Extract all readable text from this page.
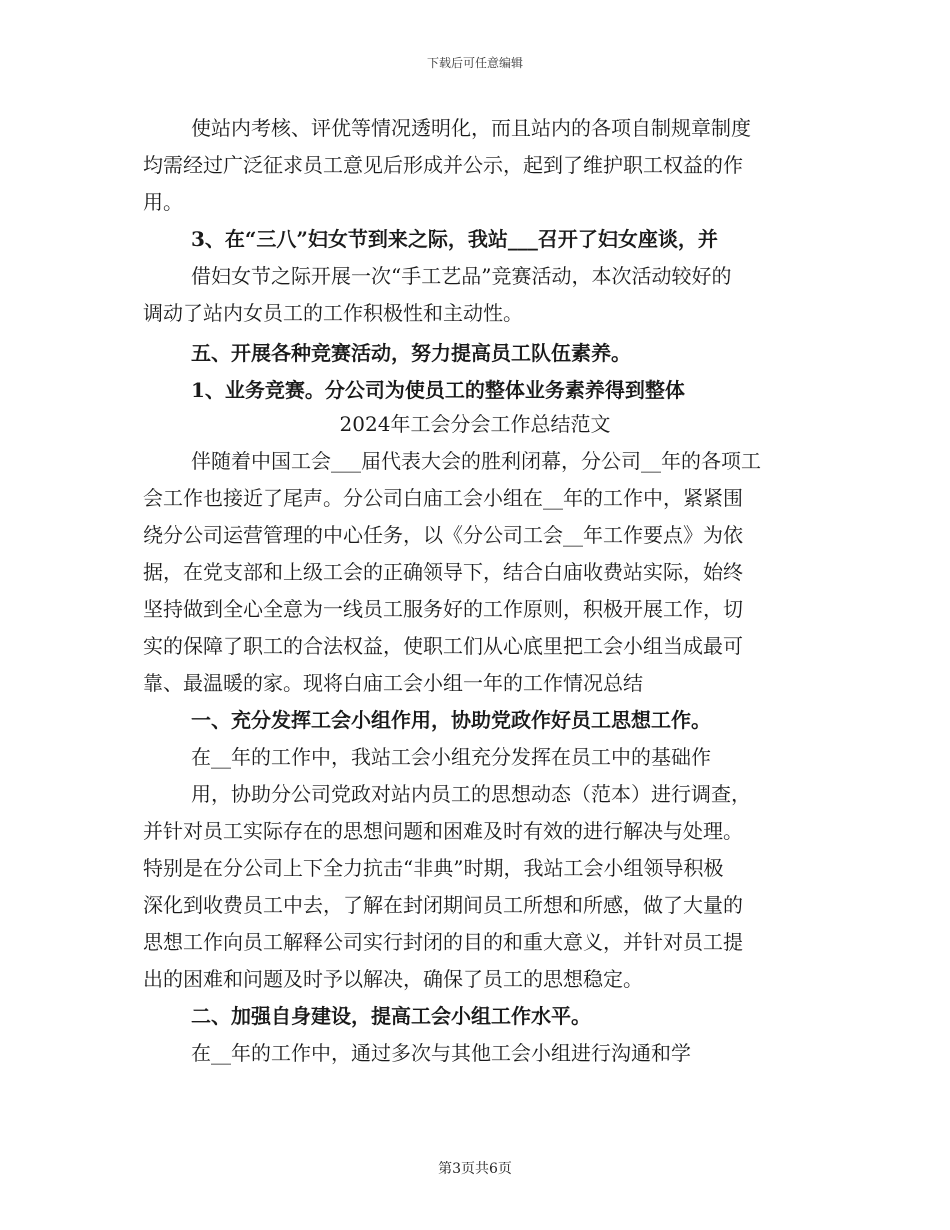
下载后可任意编辑
使站内考核、评优等情况透明化，而且站内的各项自制规章制度
均需经过广泛征求员工意见后形成并公示，起到了维护职工权益的作
用。
3、在“三八”妇女节到来之际，我站___召开了妇女座谈，并
借妇女节之际开展一次“手工艺品”竞赛活动，本次活动较好的
调动了站内女员工的工作积极性和主动性。
五、开展各种竞赛活动，努力提高员工队伍素养。
1、业务竞赛。分公司为使员工的整体业务素养得到整体
2024年工会分会工作总结范文
伴随着中国工会___届代表大会的胜利闭幕，分公司__年的各项工
会工作也接近了尾声。分公司白庙工会小组在__年的工作中，紧紧围
绕分公司运营管理的中心任务，以《分公司工会__年工作要点》为依
据，在党支部和上级工会的正确领导下，结合白庙收费站实际，始终
坚持做到全心全意为一线员工服务好的工作原则，积极开展工作，切
实的保障了职工的合法权益，使职工们从心底里把工会小组当成最可
靠、最温暖的家。现将白庙工会小组一年的工作情况总结
一、充分发挥工会小组作用，协助党政作好员工思想工作。
在__年的工作中，我站工会小组充分发挥在员工中的基础作
用，协助分公司党政对站内员工的思想动态（范本）进行调查，
并针对员工实际存在的思想问题和困难及时有效的进行解决与处理。
特别是在分公司上下全力抗击“非典”时期，我站工会小组领导积极
深化到收费员工中去，了解在封闭期间员工所想和所感，做了大量的
思想工作向员工解释公司实行封闭的目的和重大意义，并针对员工提
出的困难和问题及时予以解决，确保了员工的思想稳定。
二、加强自身建设，提高工会小组工作水平。
在__年的工作中，通过多次与其他工会小组进行沟通和学
第3页共6页
